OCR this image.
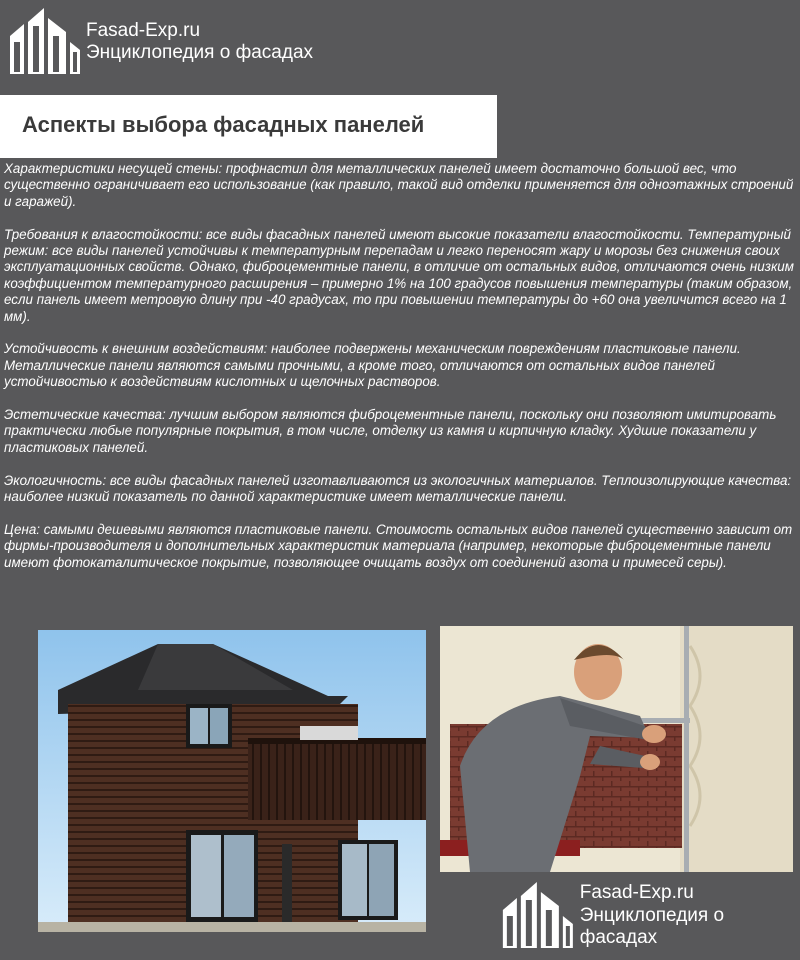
Fasad-Exp.ru
Энциклопедия о фасадах
Аспекты выбора фасадных панелей

Характеристики несущей стены: профнастил для металлических панелей имеет достаточно большой вес, что существенно ограничивает его использование (как правило, такой вид отделки применяется для одноэтажных строений и гаражей).

Требования к влагостойкости: все виды фасадных панелей имеют высокие показатели влагостойкости. Температурный режим: все виды панелей устойчивы к температурным перепадам и легко переносят жару и морозы без снижения своих эксплуатационных свойств. Однако, фиброцементные панели, в отличие от остальных видов, отличаются очень низким коэффициентом температурного расширения – примерно 1% на 100 градусов повышения температуры (таким образом, если панель имеет метровую длину при -40 градусах, то при повышении температуры до +60 она увеличится всего на 1 мм).

Устойчивость к внешним воздействиям: наиболее подвержены механическим повреждениям пластиковые панели. Металлические панели являются самыми прочными, а кроме того, отличаются от остальных видов панелей устойчивостью к воздействиям кислотных и щелочных растворов.

Эстетические качества: лучшим выбором являются фиброцементные панели, поскольку они позволяют имитировать практически любые популярные покрытия, в том числе, отделку из камня и кирпичную кладку. Худшие показатели у пластиковых панелей.

Экологичность: все виды фасадных панелей изготавливаются из экологичных материалов. Теплоизолирующие качества: наиболее низкий показатель по данной характеристике имеет металлические панели.

Цена: самыми дешевыми являются пластиковые панели. Стоимость остальных видов панелей существенно зависит от фирмы-производителя и дополнительных характеристик материала (например, некоторые фиброцементные панели имеют фотокаталитическое покрытие, позволяющее очищать воздух от соединений азота и примесей серы).

Fasad-Exp.ru
Энциклопедия о фасадах
